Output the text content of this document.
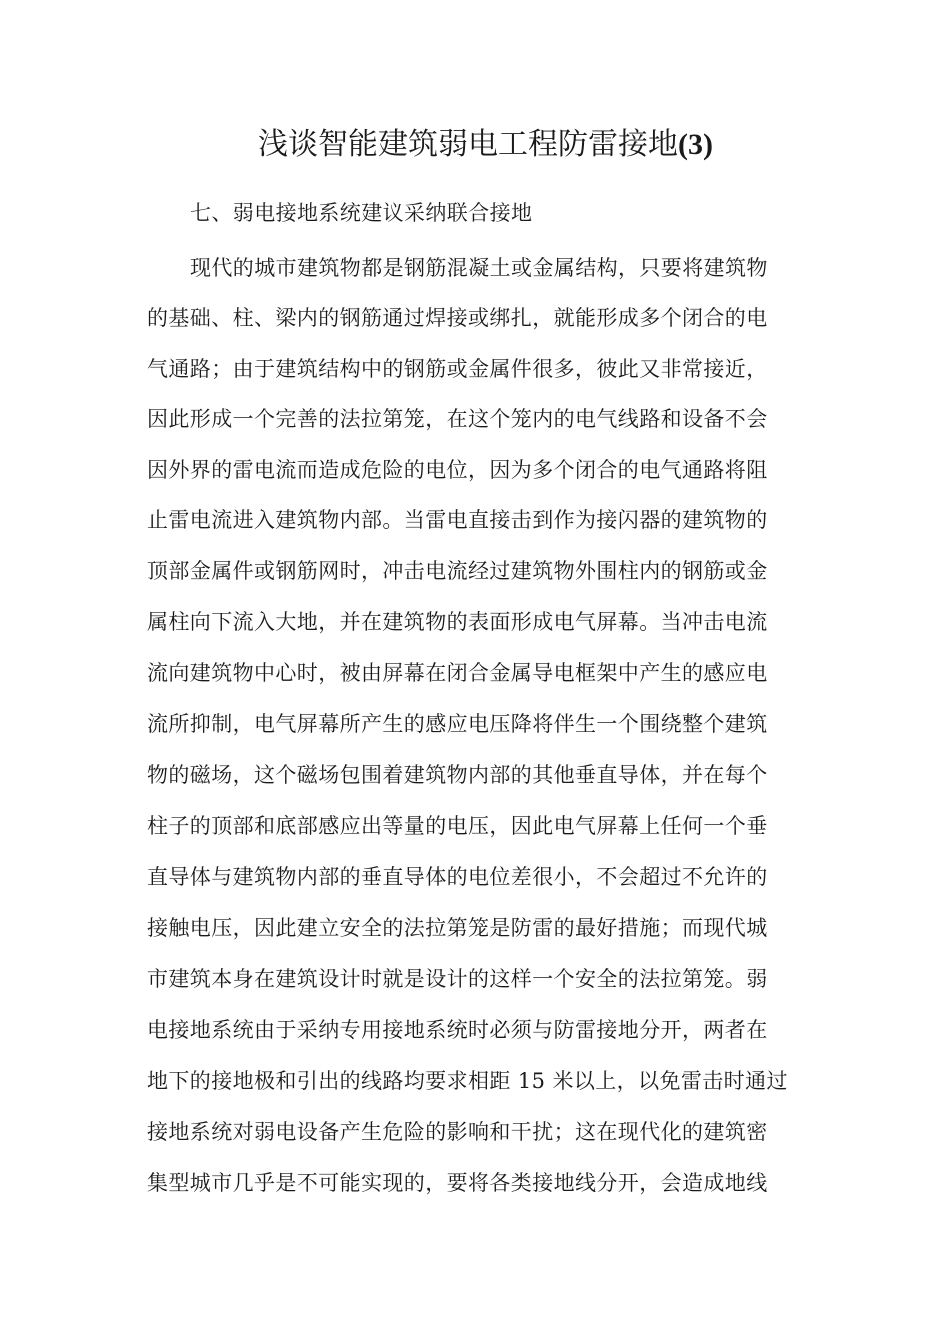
浅谈智能建筑弱电工程防雷接地(3)
七、弱电接地系统建议采纳联合接地
现代的城市建筑物都是钢筋混凝土或金属结构，只要将建筑物
的基础、柱、梁内的钢筋通过焊接或绑扎，就能形成多个闭合的电
气通路；由于建筑结构中的钢筋或金属件很多，彼此又非常接近，
因此形成一个完善的法拉第笼，在这个笼内的电气线路和设备不会
因外界的雷电流而造成危险的电位，因为多个闭合的电气通路将阻
止雷电流进入建筑物内部。当雷电直接击到作为接闪器的建筑物的
顶部金属件或钢筋网时，冲击电流经过建筑物外围柱内的钢筋或金
属柱向下流入大地，并在建筑物的表面形成电气屏幕。当冲击电流
流向建筑物中心时，被由屏幕在闭合金属导电框架中产生的感应电
流所抑制，电气屏幕所产生的感应电压降将伴生一个围绕整个建筑
物的磁场，这个磁场包围着建筑物内部的其他垂直导体，并在每个
柱子的顶部和底部感应出等量的电压，因此电气屏幕上任何一个垂
直导体与建筑物内部的垂直导体的电位差很小，不会超过不允许的
接触电压，因此建立安全的法拉第笼是防雷的最好措施；而现代城
市建筑本身在建筑设计时就是设计的这样一个安全的法拉第笼。弱
电接地系统由于采纳专用接地系统时必须与防雷接地分开，两者在
地下的接地极和引出的线路均要求相距 15 米以上，以免雷击时通过
接地系统对弱电设备产生危险的影响和干扰；这在现代化的建筑密
集型城市几乎是不可能实现的，要将各类接地线分开，会造成地线
